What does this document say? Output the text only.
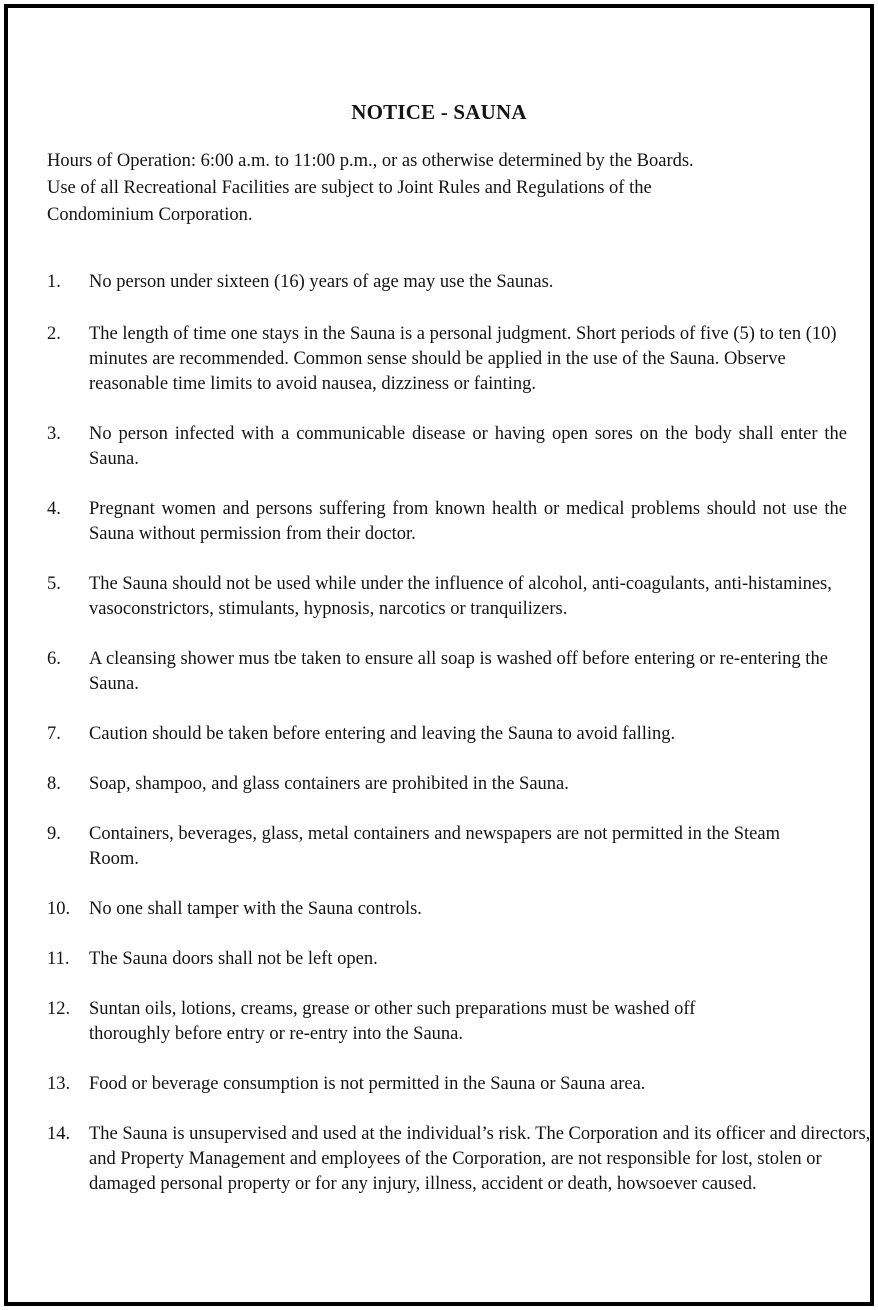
NOTICE - SAUNA

Hours of Operation: 6:00 a.m. to 11:00 p.m., or as otherwise determined by the Boards.

Use of all Recreational Facilities are subject to Joint Rules and Regulations of the

Condominium Corporation.

1. No person under sixteen (16) years of age may use the Saunas.
2. The length of time one stays in the Sauna is a personal judgment. Short periods of five (5) to ten (10) minutes are recommended. Common sense should be applied in the use of the Sauna. Observe reasonable time limits to avoid nausea, dizziness or fainting.
3. No person infected with a communicable disease or having open sores on the body shall enter the Sauna.
4. Pregnant women and persons suffering from known health or medical problems should not use the Sauna without permission from their doctor.
5. The Sauna should not be used while under the influence of alcohol, anti-coagulants, anti-histamines, vasoconstrictors, stimulants, hypnosis, narcotics or tranquilizers.
6. A cleansing shower mus tbe taken to ensure all soap is washed off before entering or re-entering the Sauna.
7. Caution should be taken before entering and leaving the Sauna to avoid falling.
8. Soap, shampoo, and glass containers are prohibited in the Sauna.
9. Containers, beverages, glass, metal containers and newspapers are not permitted in the Steam Room.
10. No one shall tamper with the Sauna controls.
11. The Sauna doors shall not be left open.
12. Suntan oils, lotions, creams, grease or other such preparations must be washed off thoroughly before entry or re-entry into the Sauna.
13. Food or beverage consumption is not permitted in the Sauna or Sauna area.
14. The Sauna is unsupervised and used at the individual’s risk. The Corporation and its officer and directors, and Property Management and employees of the Corporation, are not responsible for lost, stolen or damaged personal property or for any injury, illness, accident or death, howsoever caused.
